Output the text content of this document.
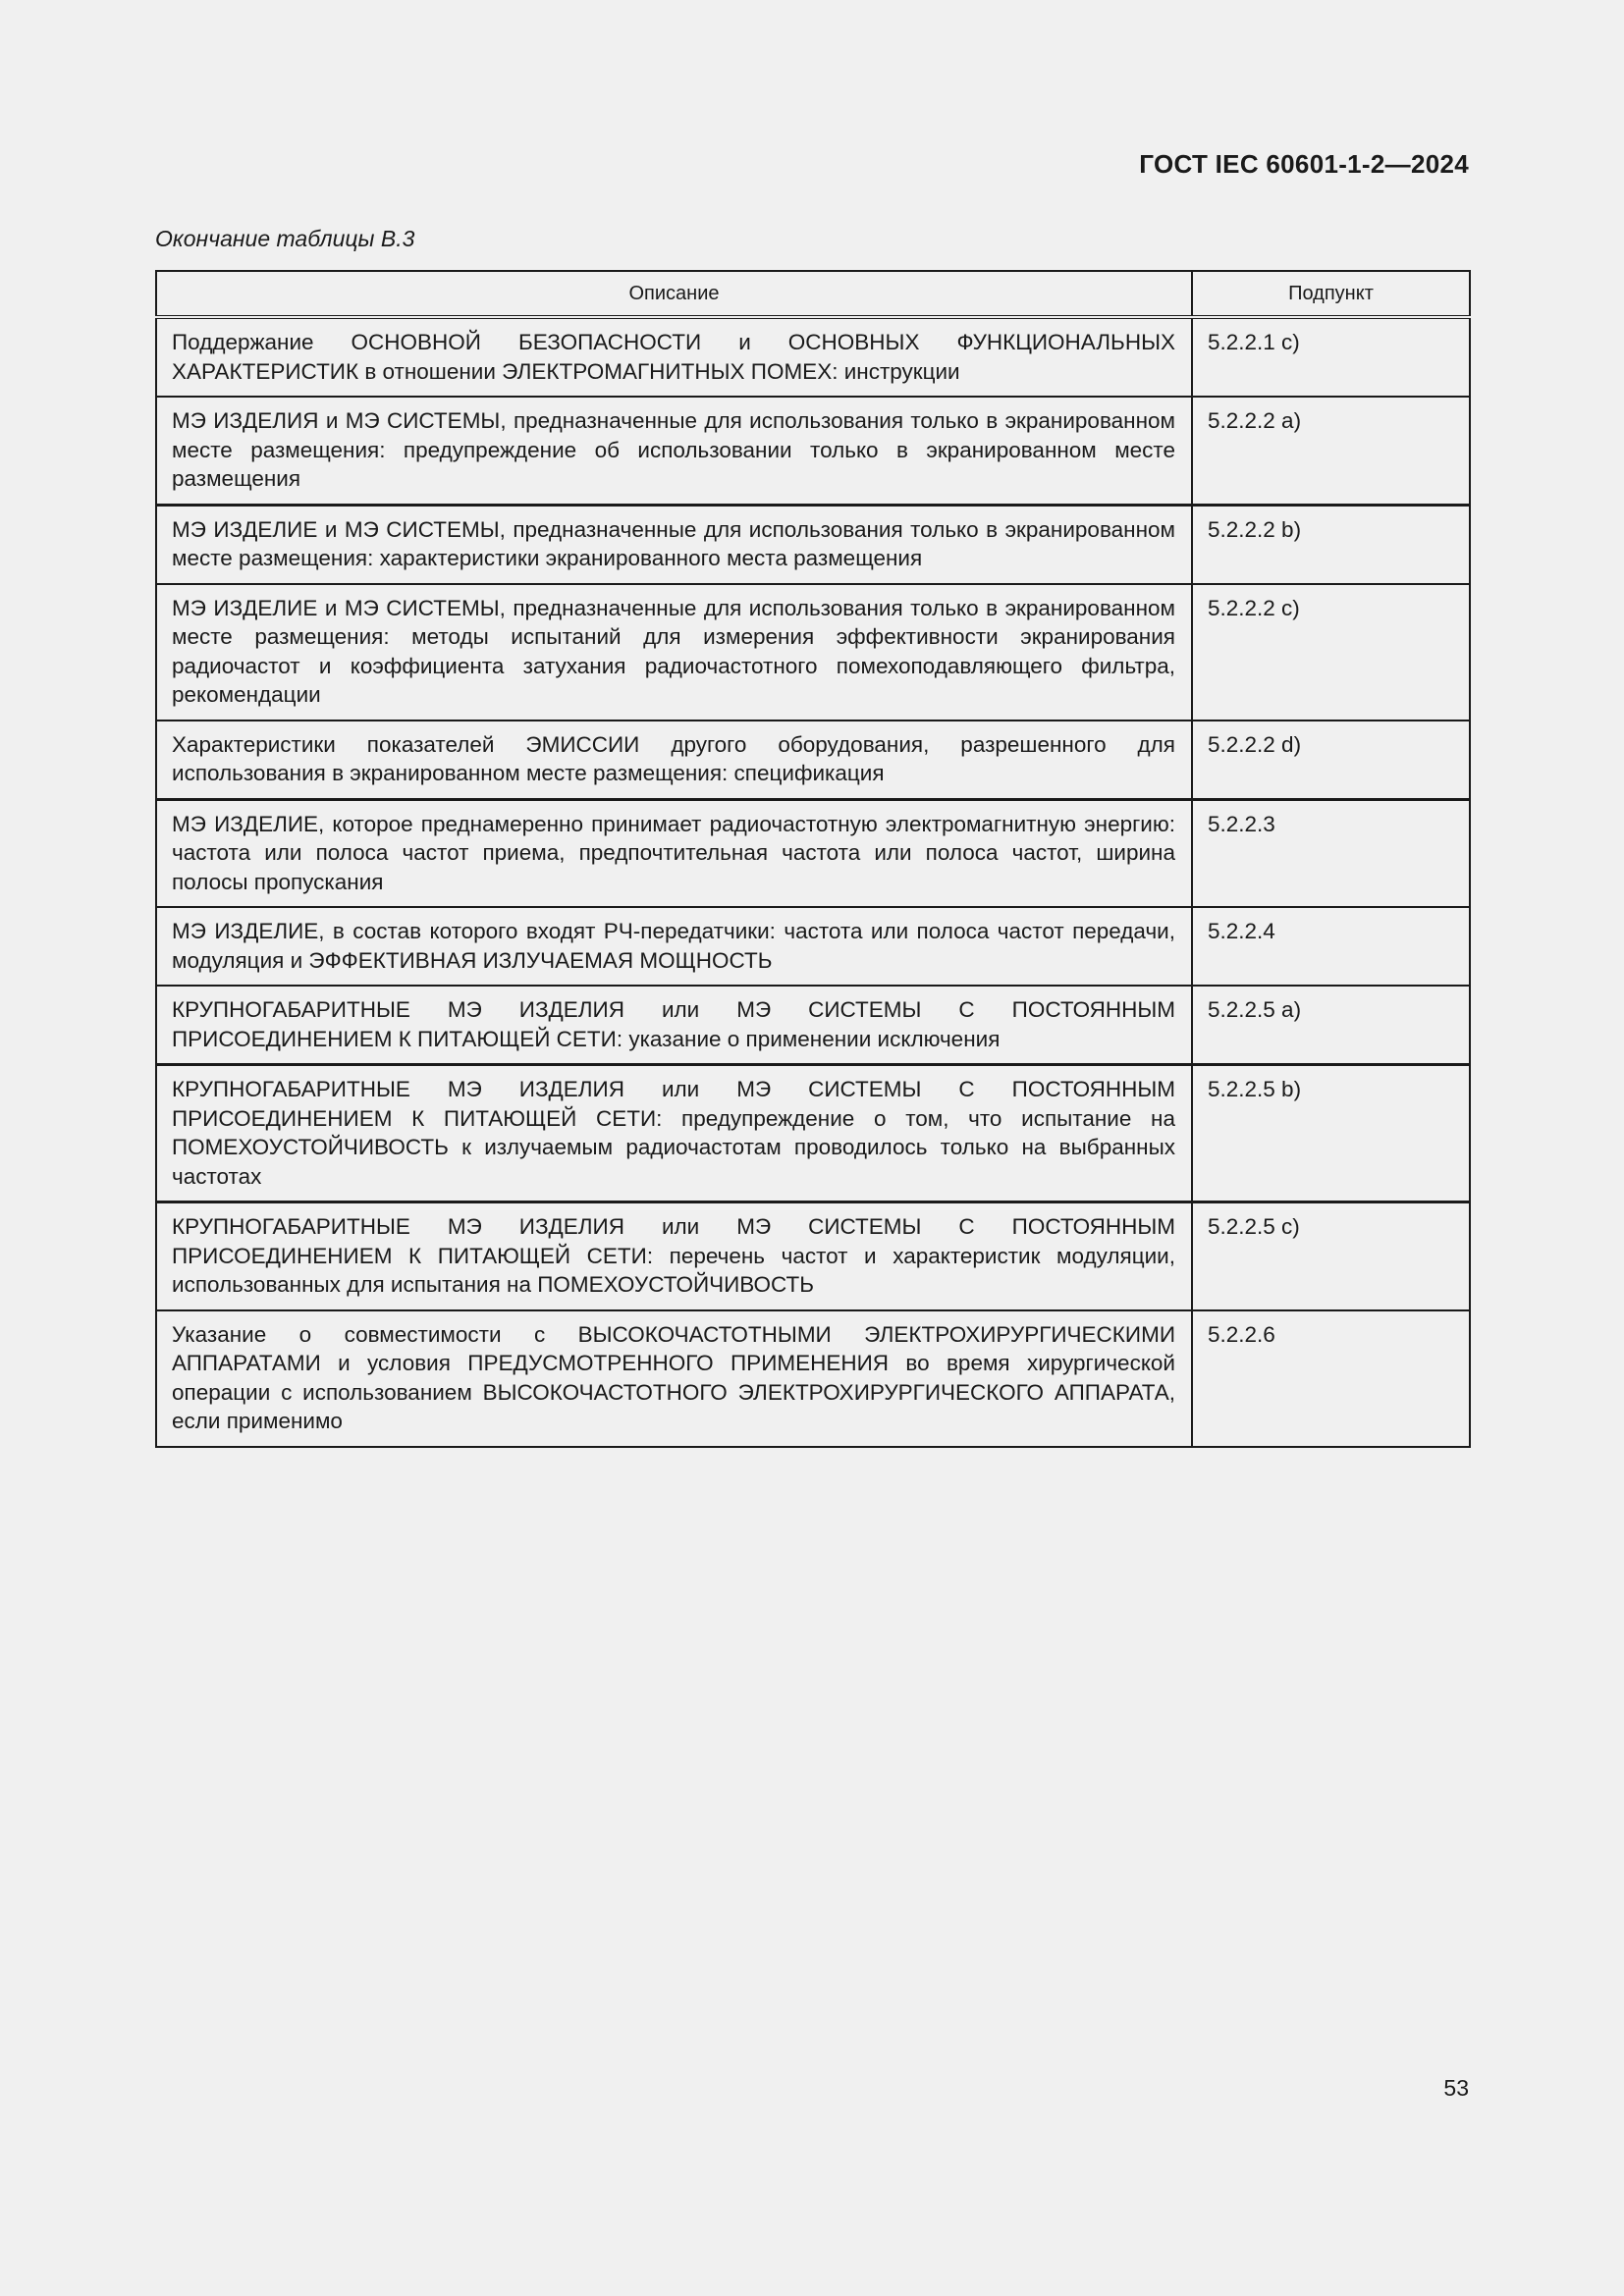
ГОСТ IEC 60601-1-2—2024
Окончание таблицы В.3
Описание	Подпункт
Поддержание ОСНОВНОЙ БЕЗОПАСНОСТИ и ОСНОВНЫХ ФУНКЦИОНАЛЬНЫХ ХАРАКТЕРИСТИК в отношении ЭЛЕКТРОМАГНИТНЫХ ПОМЕХ: инструкции	5.2.2.1 c)
МЭ ИЗДЕЛИЯ и МЭ СИСТЕМЫ, предназначенные для использования только в экранированном месте размещения: предупреждение об использовании только в экранированном месте размещения	5.2.2.2 a)
МЭ ИЗДЕЛИЕ и МЭ СИСТЕМЫ, предназначенные для использования только в экранированном месте размещения: характеристики экранированного места размещения	5.2.2.2 b)
МЭ ИЗДЕЛИЕ и МЭ СИСТЕМЫ, предназначенные для использования только в экранированном месте размещения: методы испытаний для измерения эффективности экранирования радиочастот и коэффициента затухания радиочастотного помехоподавляющего фильтра, рекомендации	5.2.2.2 c)
Характеристики показателей ЭМИССИИ другого оборудования, разрешенного для использования в экранированном месте размещения: спецификация	5.2.2.2 d)
МЭ ИЗДЕЛИЕ, которое преднамеренно принимает радиочастотную электромагнитную энергию: частота или полоса частот приема, предпочтительная частота или полоса частот, ширина полосы пропускания	5.2.2.3
МЭ ИЗДЕЛИЕ, в состав которого входят РЧ-передатчики: частота или полоса частот передачи, модуляция и ЭФФЕКТИВНАЯ ИЗЛУЧАЕМАЯ МОЩНОСТЬ	5.2.2.4
КРУПНОГАБАРИТНЫЕ МЭ ИЗДЕЛИЯ или МЭ СИСТЕМЫ С ПОСТОЯННЫМ ПРИСОЕДИНЕНИЕМ К ПИТАЮЩЕЙ СЕТИ: указание о применении исключения	5.2.2.5 a)
КРУПНОГАБАРИТНЫЕ МЭ ИЗДЕЛИЯ или МЭ СИСТЕМЫ С ПОСТОЯННЫМ ПРИСОЕДИНЕНИЕМ К ПИТАЮЩЕЙ СЕТИ: предупреждение о том, что испытание на ПОМЕХОУСТОЙЧИВОСТЬ к излучаемым радиочастотам проводилось только на выбранных частотах	5.2.2.5 b)
КРУПНОГАБАРИТНЫЕ МЭ ИЗДЕЛИЯ или МЭ СИСТЕМЫ С ПОСТОЯННЫМ ПРИСОЕДИНЕНИЕМ К ПИТАЮЩЕЙ СЕТИ: перечень частот и характеристик модуляции, использованных для испытания на ПОМЕХОУСТОЙЧИВОСТЬ	5.2.2.5 c)
Указание о совместимости с ВЫСОКОЧАСТОТНЫМИ ЭЛЕКТРОХИРУРГИЧЕСКИМИ АППАРАТАМИ и условия ПРЕДУСМОТРЕННОГО ПРИМЕНЕНИЯ во время хирургической операции с использованием ВЫСОКОЧАСТОТНОГО ЭЛЕКТРОХИРУРГИЧЕСКОГО АППАРАТА, если применимо	5.2.2.6
53
